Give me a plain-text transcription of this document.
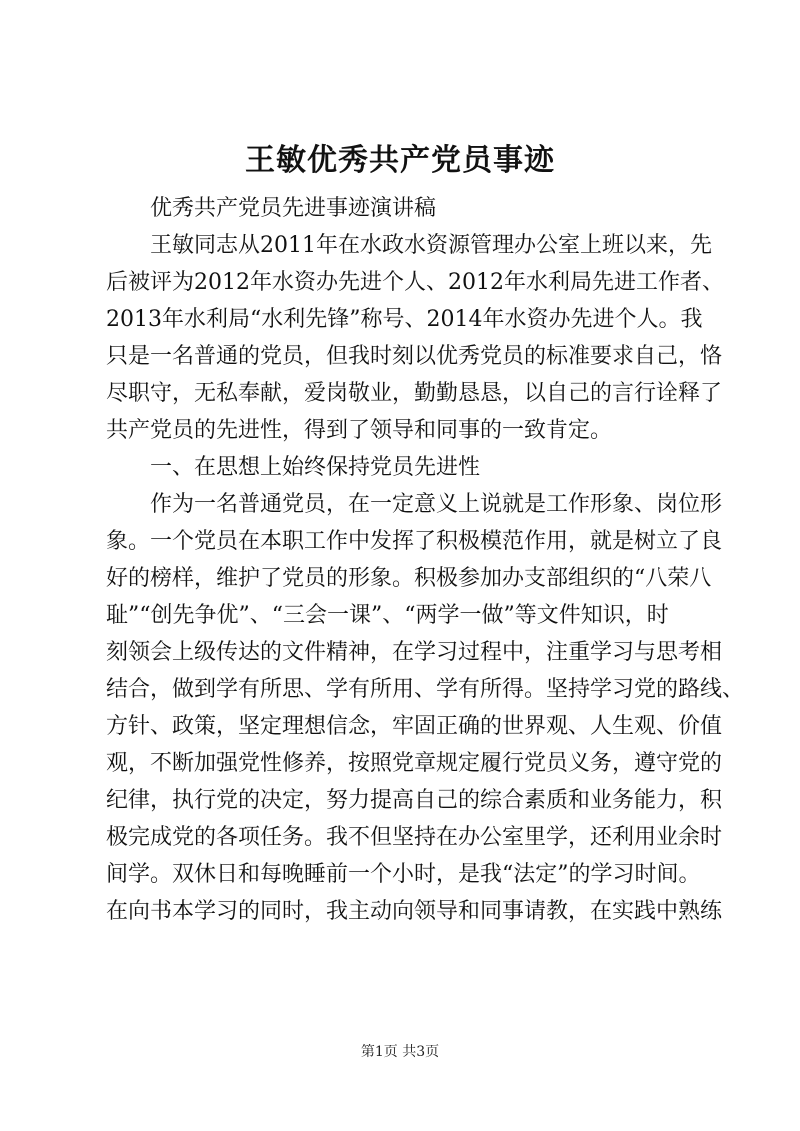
王敏优秀共产党员事迹
优秀共产党员先进事迹演讲稿
王敏同志从2011年在水政水资源管理办公室上班以来，先
后被评为2012年水资办先进个人、2012年水利局先进工作者、
2013年水利局“水利先锋”称号、2014年水资办先进个人。我
只是一名普通的党员，但我时刻以优秀党员的标准要求自己，恪
尽职守，无私奉献，爱岗敬业，勤勤恳恳，以自己的言行诠释了
共产党员的先进性，得到了领导和同事的一致肯定。
一、在思想上始终保持党员先进性
作为一名普通党员，在一定意义上说就是工作形象、岗位形
象。一个党员在本职工作中发挥了积极模范作用，就是树立了良
好的榜样，维护了党员的形象。积极参加办支部组织的“八荣八
耻”“创先争优”、“三会一课”、“两学一做”等文件知识，时
刻领会上级传达的文件精神，在学习过程中，注重学习与思考相
结合，做到学有所思、学有所用、学有所得。坚持学习党的路线、
方针、政策，坚定理想信念，牢固正确的世界观、人生观、价值
观，不断加强党性修养，按照党章规定履行党员义务，遵守党的
纪律，执行党的决定，努力提高自己的综合素质和业务能力，积
极完成党的各项任务。我不但坚持在办公室里学，还利用业余时
间学。双休日和每晚睡前一个小时，是我“法定”的学习时间。
在向书本学习的同时，我主动向领导和同事请教，在实践中熟练
第1页 共3页
